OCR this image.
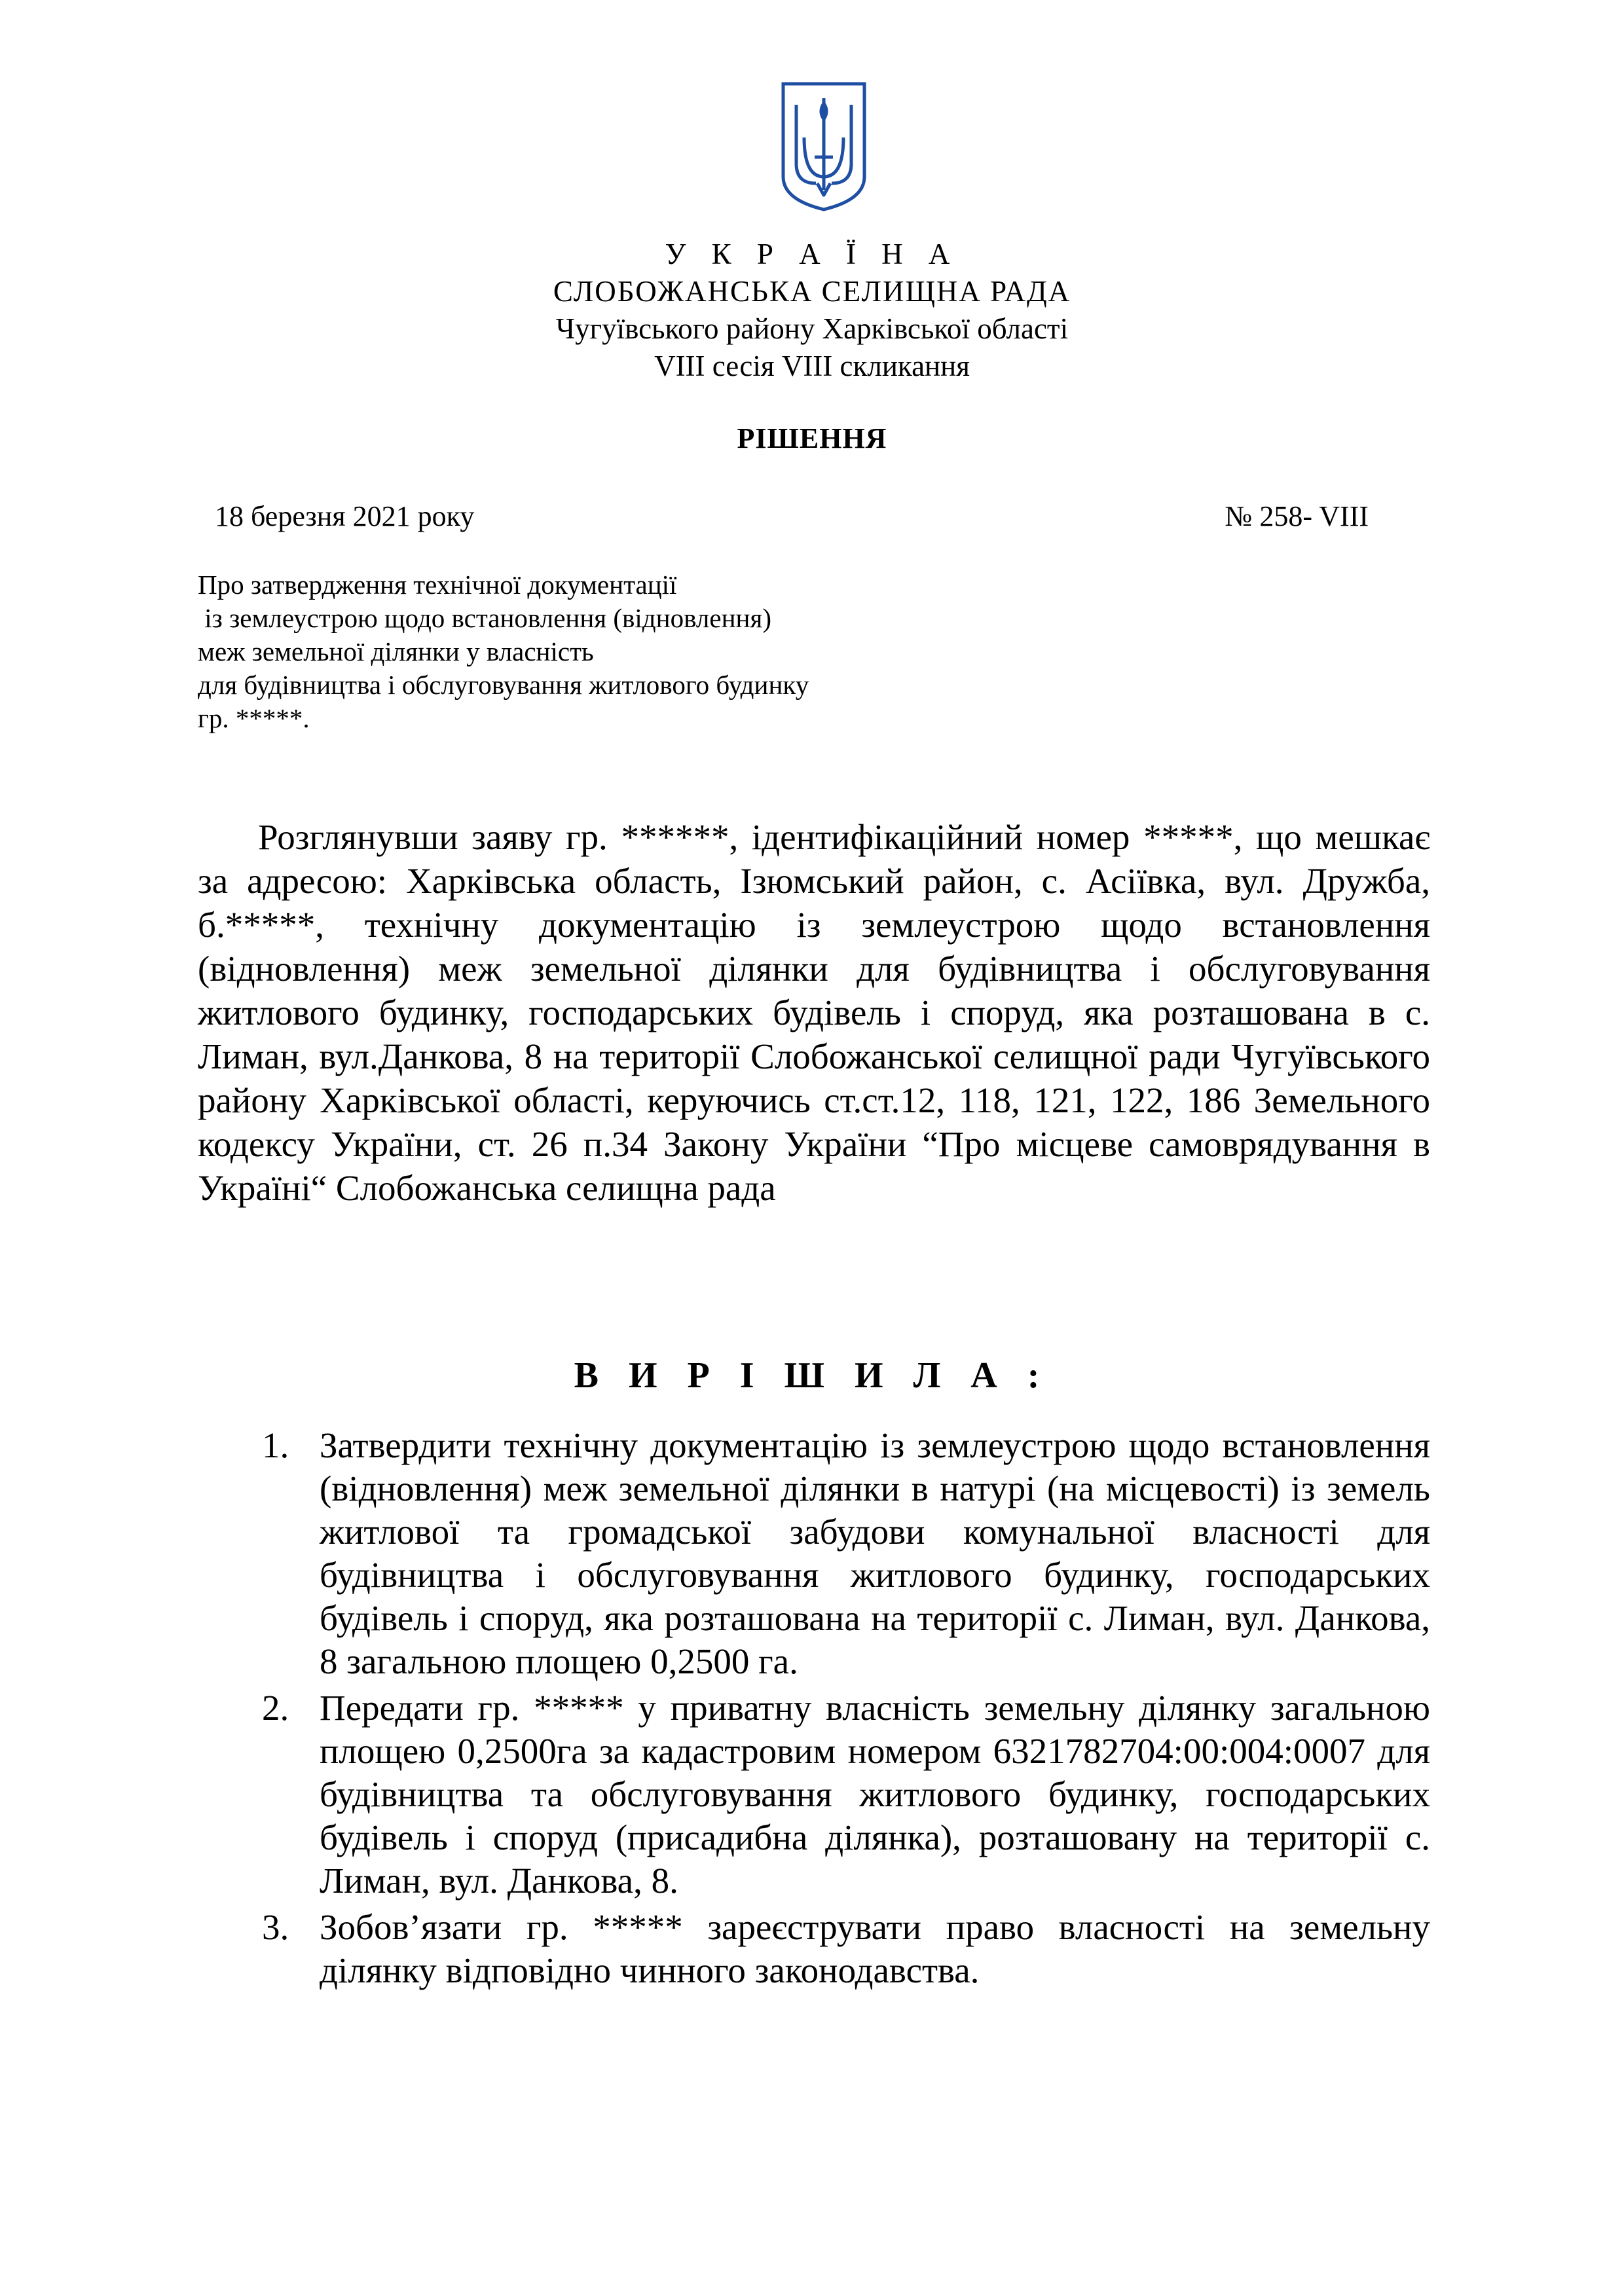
У К Р А Ї Н А
СЛОБОЖАНСЬКА СЕЛИЩНА РАДА
Чугуївського району Харківської області
VIII сесія VIII скликання
РІШЕННЯ
18 березня 2021 року	№ 258- VIII
Про затвердження технічної документації
із землеустрою щодо встановлення (відновлення)
меж земельної ділянки у власність
для будівництва і обслуговування житлового будинку
гр. *****.
Розглянувши заяву гр. ******, ідентифікаційний номер *****, що мешкає за адресою: Харківська область, Ізюмський район, с. Асіївка, вул. Дружба, б.*****, технічну документацію із землеустрою щодо встановлення (відновлення) меж земельної ділянки для будівництва і обслуговування житлового будинку, господарських будівель і споруд, яка розташована в с. Лиман, вул.Данкова, 8 на території Слобожанської селищної ради Чугуївського району Харківської області, керуючись ст.ст.12, 118, 121, 122, 186 Земельного кодексу України, ст. 26 п.34 Закону України “Про місцеве самоврядування в Україні“ Слобожанська селищна рада
В И Р І Ш И Л А :
1. Затвердити технічну документацію із землеустрою щодо встановлення (відновлення) меж земельної ділянки в натурі (на місцевості) із земель житлової та громадської забудови комунальної власності для будівництва і обслуговування житлового будинку, господарських будівель і споруд, яка розташована на території с. Лиман, вул. Данкова, 8 загальною площею 0,2500 га.
2. Передати гр. ***** у приватну власність земельну ділянку загальною площею 0,2500га за кадастровим номером 6321782704:00:004:0007 для будівництва та обслуговування житлового будинку, господарських будівель і споруд (присадибна ділянка), розташовану на території с. Лиман, вул. Данкова, 8.
3. Зобов’язати гр. ***** зареєструвати право власності на земельну ділянку відповідно чинного законодавства.
